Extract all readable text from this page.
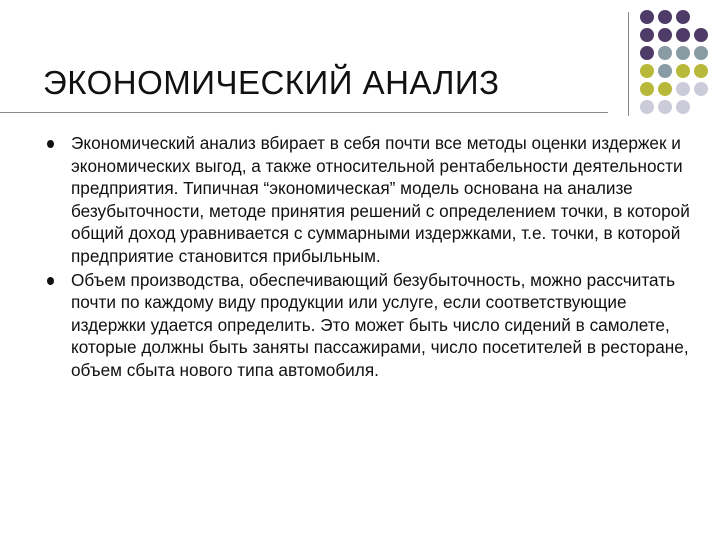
ЭКОНОМИЧЕСКИЙ АНАЛИЗ
Экономический анализ вбирает в себя почти все методы оценки издержек и экономических выгод, а также относительной рентабельности деятельности предприятия. Типичная “экономическая” модель основана на анализе безубыточности, методе принятия решений с определением точки, в которой общий доход уравнивается с суммарными издержками, т.е. точки, в которой предприятие становится прибыльным.
Объем производства, обеспечивающий безубыточность, можно рассчитать почти по каждому виду продукции или услуге, если соответствующие издержки удается определить. Это может быть число сидений в самолете, которые должны быть заняты пассажирами, число посетителей в ресторане, объем сбыта нового типа автомобиля.
